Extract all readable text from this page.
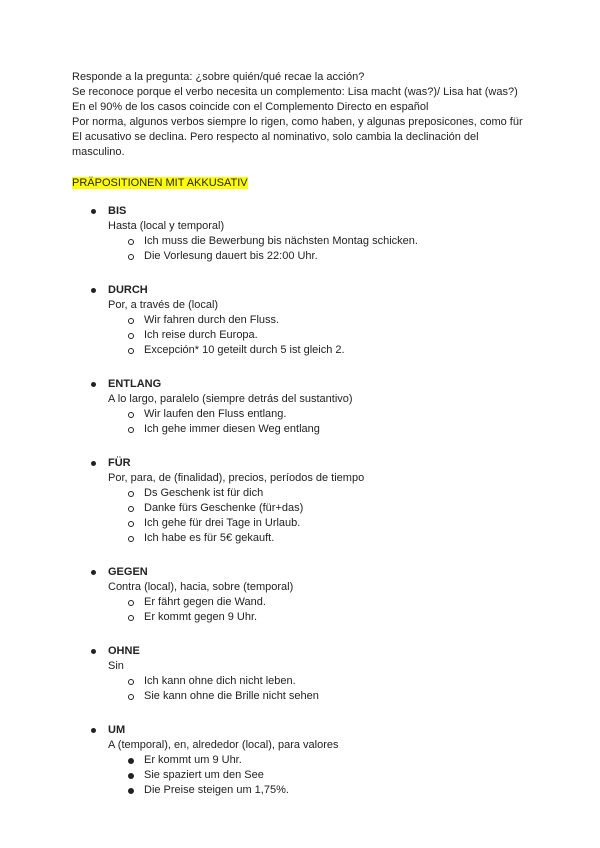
Responde a la pregunta: ¿sobre quién/qué recae la acción?

Se reconoce porque el verbo necesita un complemento: Lisa macht (was?)/ Lisa hat (was?)

En el 90% de los casos coincide con el Complemento Directo en español

Por norma, algunos verbos siempre lo rigen, como haben, y algunas preposicones, como für

El acusativo se declina. Pero respecto al nominativo, solo cambia la declinación del

masculino.

PRÄPOSITIONEN MIT AKKUSATIV
BIS
Hasta (local y temporal)
Ich muss die Bewerbung bis nächsten Montag schicken.
Die Vorlesung dauert bis 22:00 Uhr.
DURCH
Por, a través de (local)
Wir fahren durch den Fluss.
Ich reise durch Europa.
Excepción* 10 geteilt durch 5 ist gleich 2.
ENTLANG
A lo largo, paralelo (siempre detrás del sustantivo)
Wir laufen den Fluss entlang.
Ich gehe immer diesen Weg entlang
FÜR
Por, para, de (finalidad), precios, períodos de tiempo
Ds Geschenk ist für dich
Danke fürs Geschenke (für+das)
Ich gehe für drei Tage in Urlaub.
Ich habe es für 5€ gekauft.
GEGEN
Contra (local), hacia, sobre (temporal)
Er fährt gegen die Wand.
Er kommt gegen 9 Uhr.
OHNE
Sin
Ich kann ohne dich nicht leben.
Sie kann ohne die Brille nicht sehen
UM
A (temporal), en, alrededor (local), para valores
Er kommt um 9 Uhr.
Sie spaziert um den See
Die Preise steigen um 1,75%.
